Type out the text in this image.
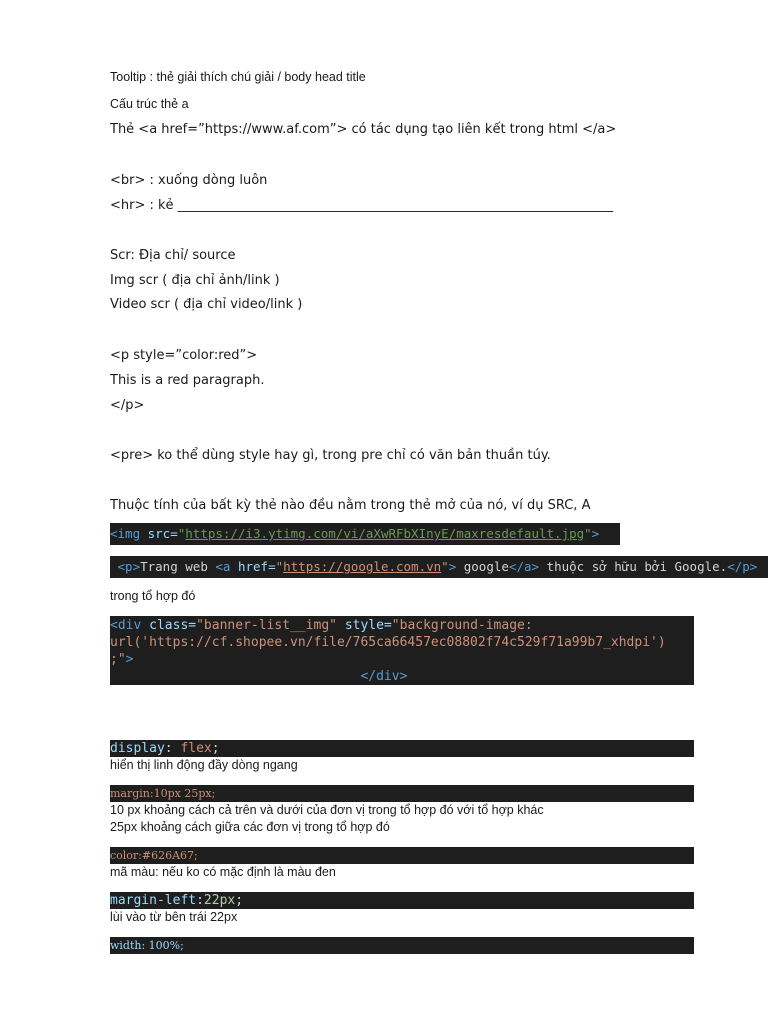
Tooltip : thẻ giải thích chú giải / body head title
Cấu trúc thẻ a
Thẻ <a href=”https://www.af.com”> có tác dụng tạo liên kết trong html </a>
<br> : xuống dòng luôn
<hr> : kẻ ___________________________________________________________________
Scr: Địa chỉ/ source
Img scr ( địa chỉ ảnh/link )
Video scr ( địa chỉ video/link )
<p style=”color:red”>
This is a red paragraph.
</p>
<pre> ko thể dùng style hay gì, trong pre chỉ có văn bản thuần túy.
Thuộc tính của bất kỳ thẻ nào đều nằm trong thẻ mở của nó, ví dụ SRC, A
<img src="https://i3.ytimg.com/vi/aXwRFbXInyE/maxresdefault.jpg">
<p>Trang web <a href="https://google.com.vn"> google</a> thuộc sở hữu bởi Google.</p>
trong tổ hợp đó
<div class="banner-list__img" style="background-image:
url('https://cf.shopee.vn/file/765ca66457ec08802f74c529f71a99b7_xhdpi')
;">
</div>
display: flex;
hiển thị linh động đầy dòng ngang
margin:10px 25px;
10 px khoảng cách cả trên và dưới của đơn vị trong tổ hợp đó với tổ hợp khác
25px khoảng cách giữa các đơn vị trong tổ hợp đó
color:#626A67;
mã màu: nếu ko có mặc định là màu đen
margin-left:22px;
lùi vào từ bên trái 22px
width: 100%;
